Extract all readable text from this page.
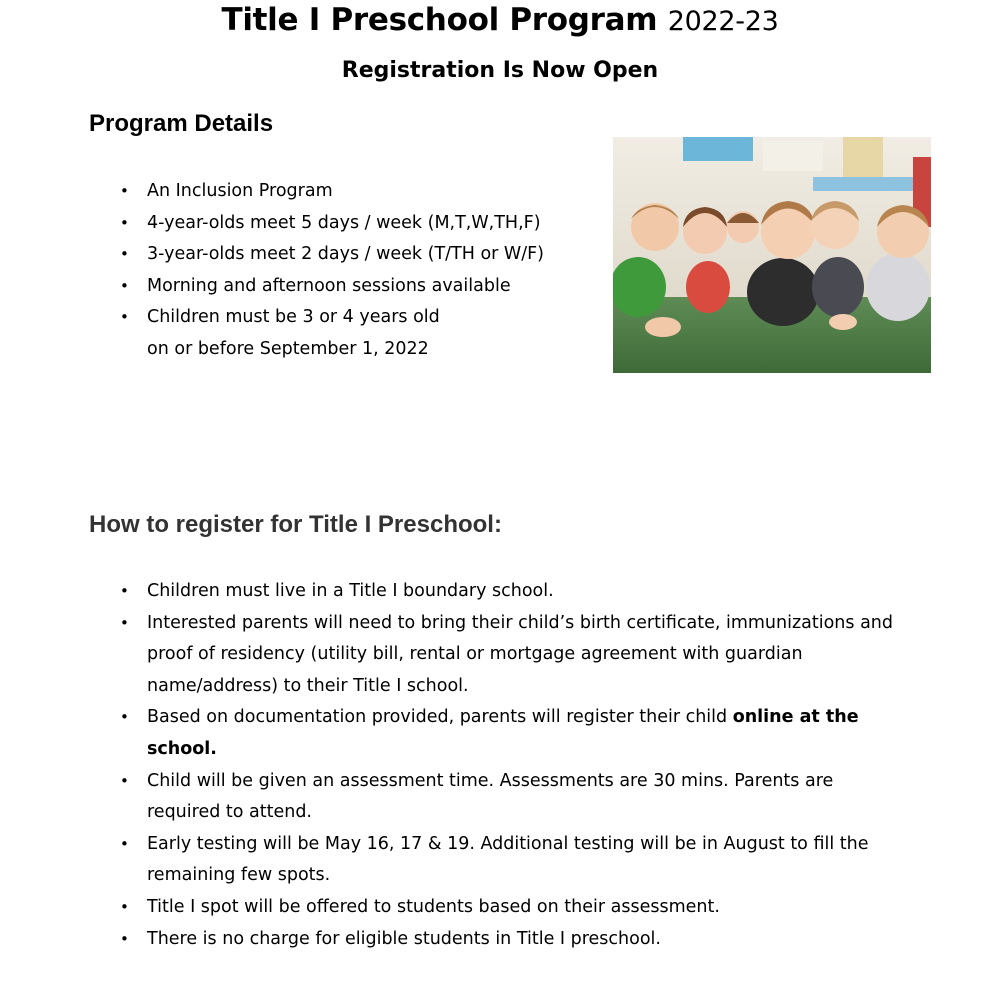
Title I Preschool Program 2022-23
Registration Is Now Open
Program Details
• An Inclusion Program
• 4-year-olds meet 5 days / week (M,T,W,TH,F)
• 3-year-olds meet 2 days / week (T/TH or W/F)
• Morning and afternoon sessions available
• Children must be 3 or 4 years old
on or before September 1, 2022
How to register for Title I Preschool:
• Children must live in a Title I boundary school.
• Interested parents will need to bring their child’s birth certificate, immunizations and proof of residency (utility bill, rental or mortgage agreement with guardian name/address) to their Title I school.
• Based on documentation provided, parents will register their child online at the school.
• Child will be given an assessment time. Assessments are 30 mins. Parents are required to attend.
• Early testing will be May 16, 17 & 19. Additional testing will be in August to fill the remaining few spots.
• Title I spot will be offered to students based on their assessment.
• There is no charge for eligible students in Title I preschool.
